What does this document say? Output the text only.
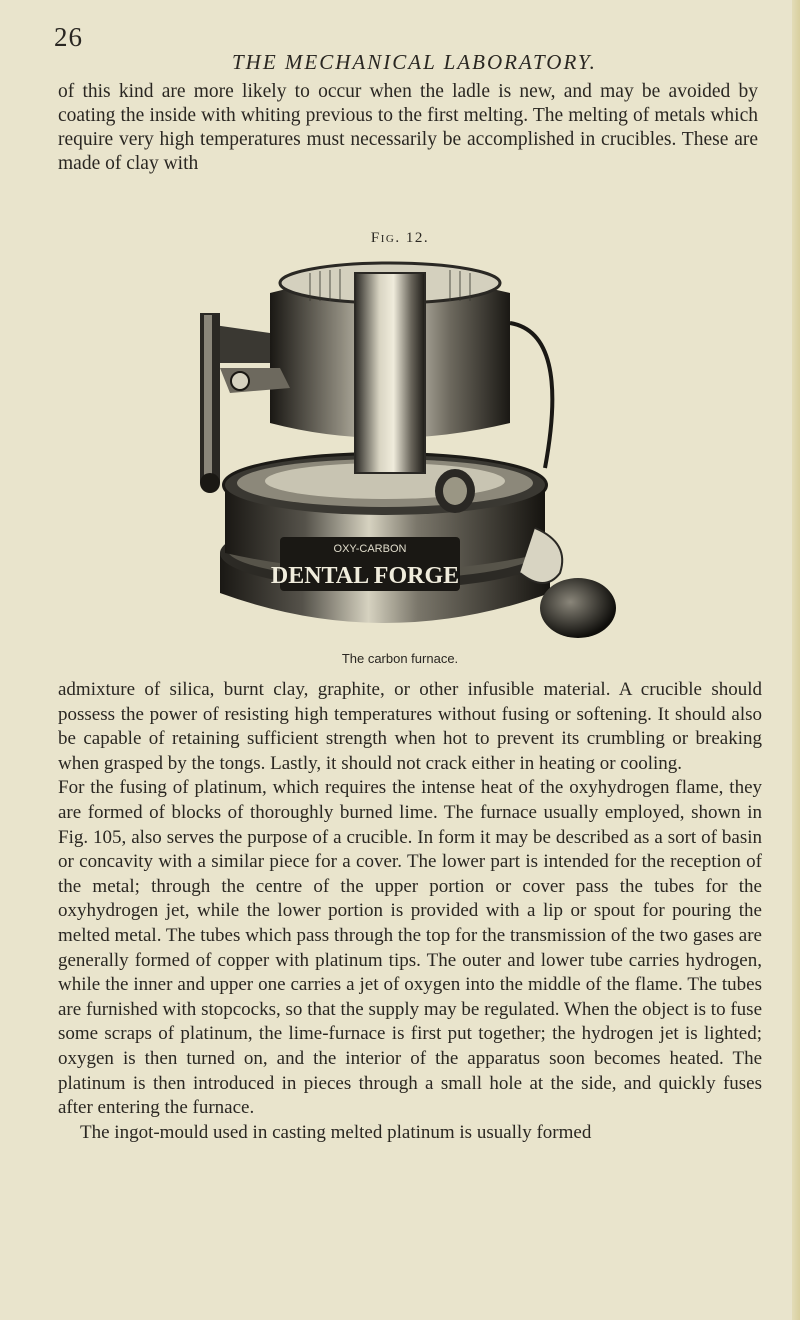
26
THE MECHANICAL LABORATORY.

of this kind are more likely to occur when the ladle is new, and may be avoided by coating the inside with whiting previous to the first melting. The melting of metals which require very high temperatures must necessarily be accomplished in crucibles. These are made of clay with

Fig. 12.
OXY-CARBON
DENTAL FORGE
The carbon furnace.

admixture of silica, burnt clay, graphite, or other infusible material. A crucible should possess the power of resisting high temperatures without fusing or softening. It should also be capable of retaining sufficient strength when hot to prevent its crumbling or breaking when grasped by the tongs. Lastly, it should not crack either in heating or cooling.

For the fusing of platinum, which requires the intense heat of the oxyhydrogen flame, they are formed of blocks of thoroughly burned lime. The furnace usually employed, shown in Fig. 105, also serves the purpose of a crucible. In form it may be described as a sort of basin or concavity with a similar piece for a cover. The lower part is intended for the reception of the metal; through the centre of the upper portion or cover pass the tubes for the oxyhydrogen jet, while the lower portion is provided with a lip or spout for pouring the melted metal. The tubes which pass through the top for the transmission of the two gases are generally formed of copper with platinum tips. The outer and lower tube carries hydrogen, while the inner and upper one carries a jet of oxygen into the middle of the flame. The tubes are furnished with stopcocks, so that the supply may be regulated. When the object is to fuse some scraps of platinum, the lime-furnace is first put together; the hydrogen jet is lighted; oxygen is then turned on, and the interior of the apparatus soon becomes heated. The platinum is then introduced in pieces through a small hole at the side, and quickly fuses after entering the furnace.

The ingot-mould used in casting melted platinum is usually formed
